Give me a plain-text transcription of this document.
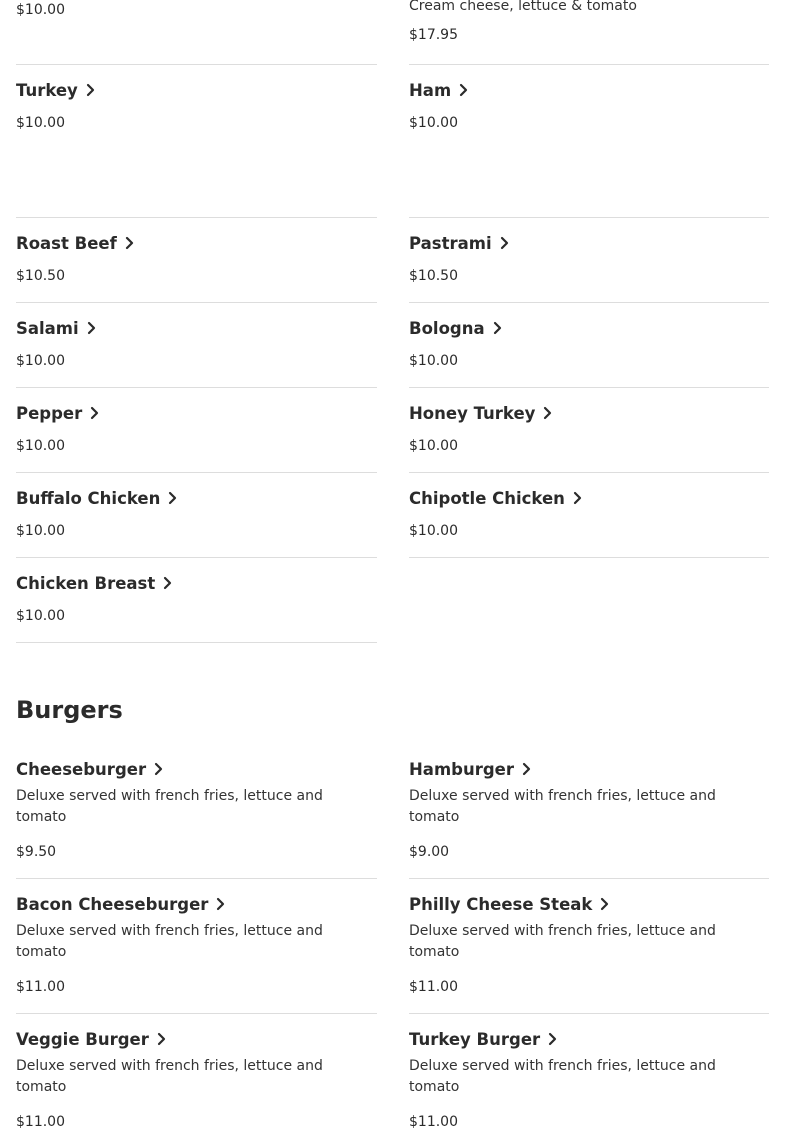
$10.00	Cream cheese, lettuce & tomato
$17.95
Turkey
$10.00
Ham
$10.00
Roast Beef
$10.50
Pastrami
$10.50
Salami
$10.00
Bologna
$10.00
Pepper
$10.00
Honey Turkey
$10.00
Buffalo Chicken
$10.00
Chipotle Chicken
$10.00
Chicken Breast
$10.00
Burgers
Cheeseburger
Deluxe served with french fries, lettuce and tomato
$9.50
Hamburger
Deluxe served with french fries, lettuce and tomato
$9.00
Bacon Cheeseburger
Deluxe served with french fries, lettuce and tomato
$11.00
Philly Cheese Steak
Deluxe served with french fries, lettuce and tomato
$11.00
Veggie Burger
Deluxe served with french fries, lettuce and tomato
$11.00
Turkey Burger
Deluxe served with french fries, lettuce and tomato
$11.00
